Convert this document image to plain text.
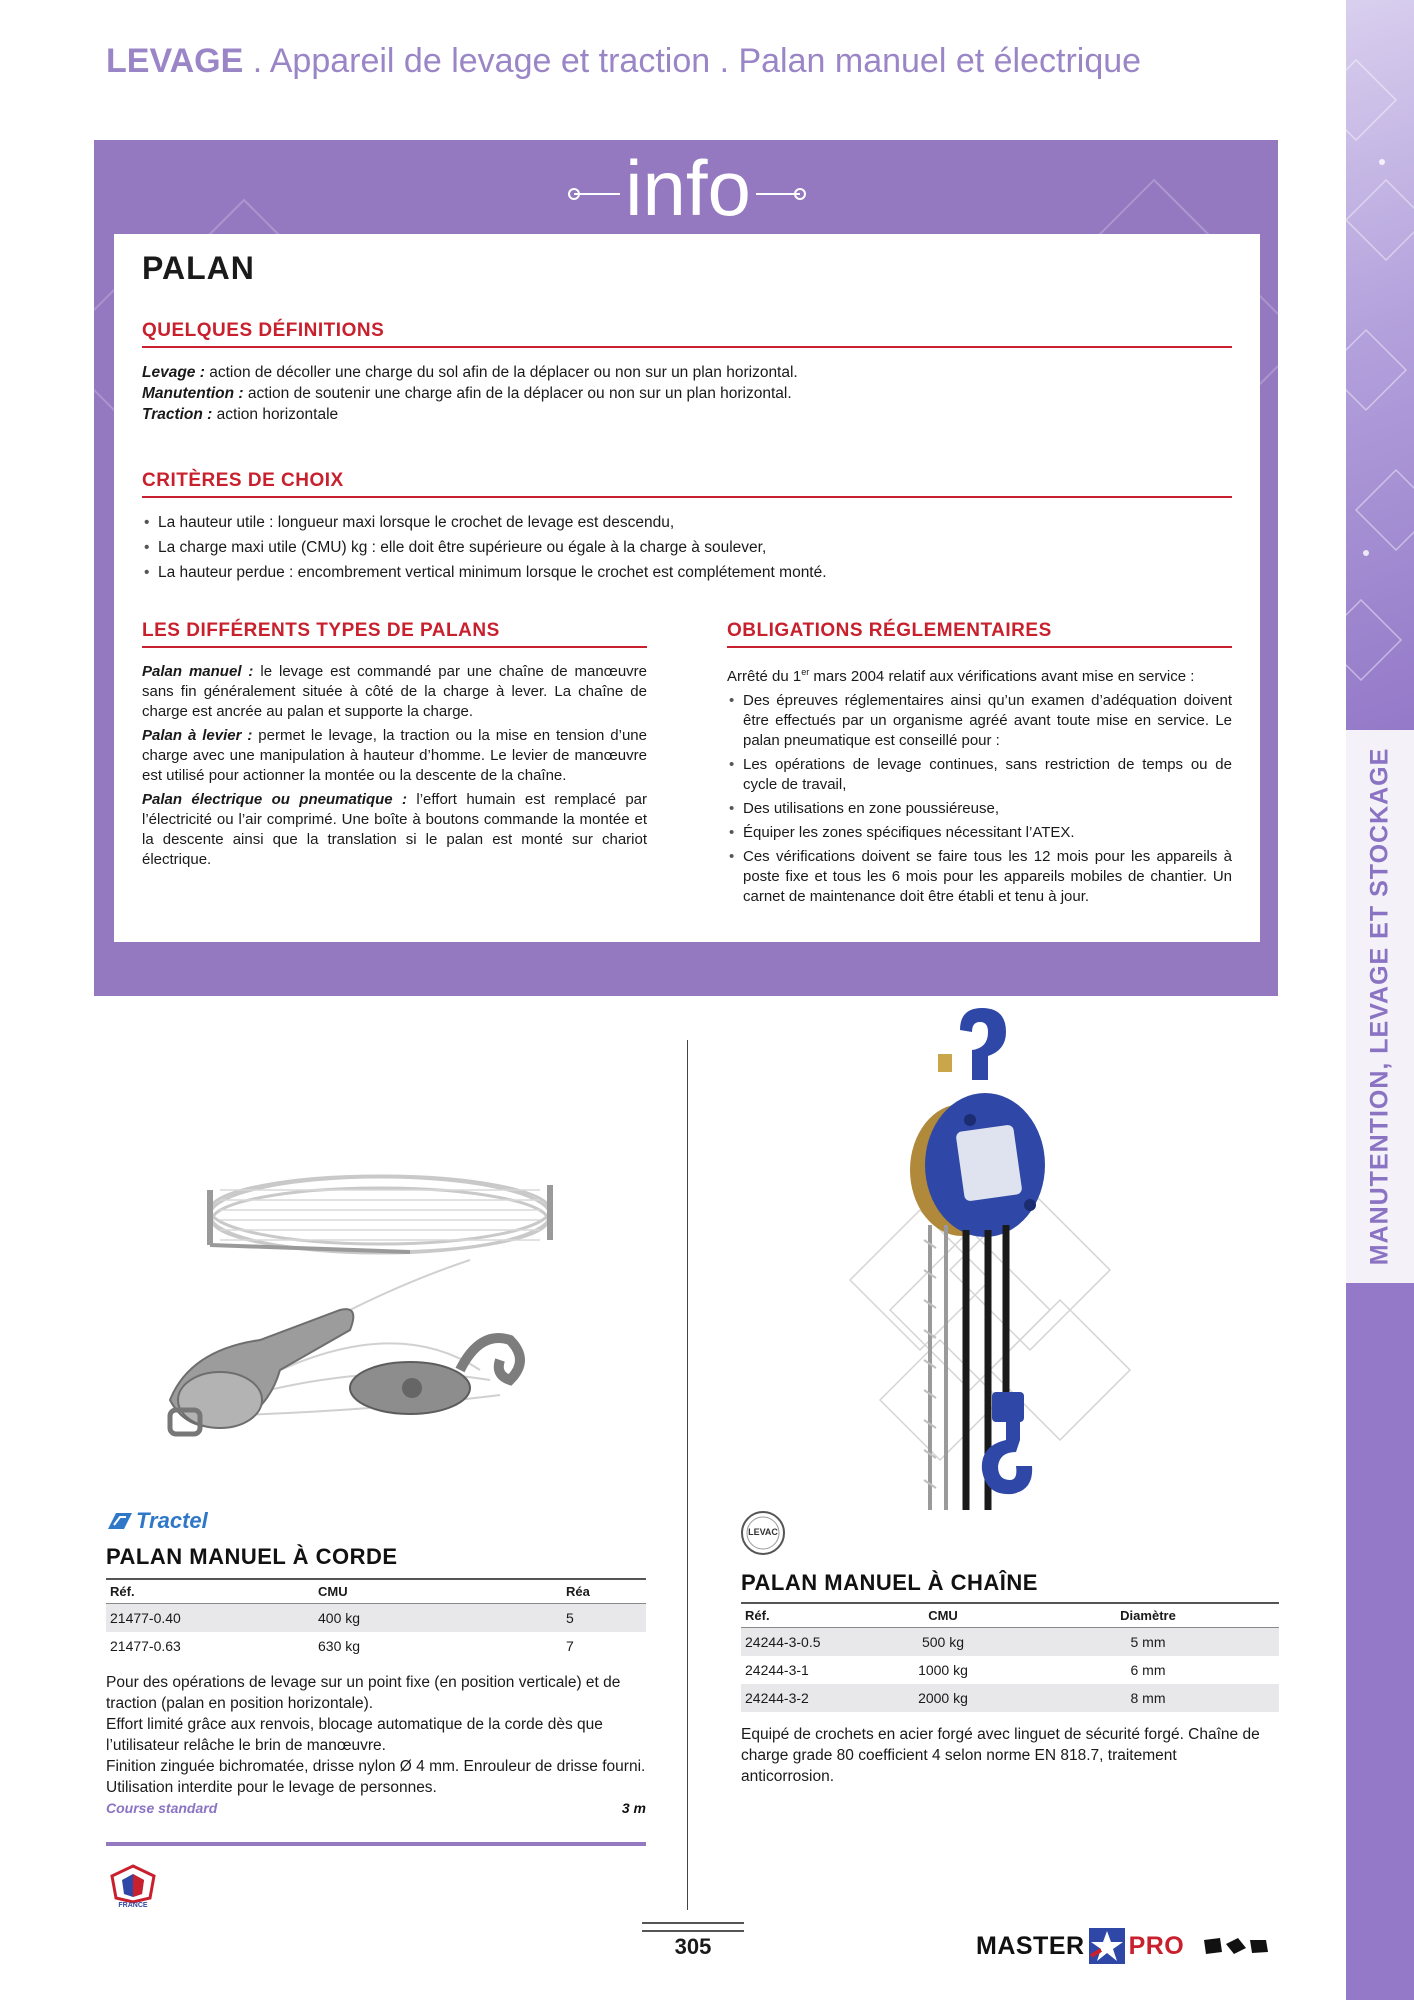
LEVAGE . Appareil de levage et traction . Palan manuel et électrique
MANUTENTION, LEVAGE ET STOCKAGE
info
PALAN
QUELQUES DÉFINITIONS
Levage : action de décoller une charge du sol afin de la déplacer ou non sur un plan horizontal.
Manutention : action de soutenir une charge afin de la déplacer ou non sur un plan horizontal.
Traction : action horizontale
CRITÈRES DE CHOIX
• La hauteur utile : longueur maxi lorsque le crochet de levage est descendu,
• La charge maxi utile (CMU) kg : elle doit être supérieure ou égale à la charge à soulever,
• La hauteur perdue : encombrement vertical minimum lorsque le crochet est complétement monté.
LES DIFFÉRENTS TYPES DE PALANS
Palan manuel : le levage est commandé par une chaîne de manœuvre sans fin généralement située à côté de la charge à lever. La chaîne de charge est ancrée au palan et supporte la charge.
Palan à levier : permet le levage, la traction ou la mise en tension d’une charge avec une manipulation à hauteur d’homme. Le levier de manœuvre est utilisé pour actionner la montée ou la descente de la chaîne.
Palan électrique ou pneumatique : l’effort humain est remplacé par l’électricité ou l’air comprimé. Une boîte à boutons commande la montée et la descente ainsi que la translation si le palan est monté sur chariot électrique.
OBLIGATIONS RÉGLEMENTAIRES
Arrêté du 1er mars 2004 relatif aux vérifications avant mise en service :
• Des épreuves réglementaires ainsi qu’un examen d’adéquation doivent être effectués par un organisme agréé avant toute mise en service. Le palan pneumatique est conseillé pour :
• Les opérations de levage continues, sans restriction de temps ou de cycle de travail,
• Des utilisations en zone poussiéreuse,
• Équiper les zones spécifiques nécessitant l’ATEX.
• Ces vérifications doivent se faire tous les 12 mois pour les appareils à poste fixe et tous les 6 mois pour les appareils mobiles de chantier. Un carnet de maintenance doit être établi et tenu à jour.
Tractel
PALAN MANUEL À CORDE
Réf.	CMU	Réa
21477-0.40	400 kg	5
21477-0.63	630 kg	7
Pour des opérations de levage sur un point fixe (en position verticale) et de traction (palan en position horizontale).
Effort limité grâce aux renvois, blocage automatique de la corde dès que l’utilisateur relâche le brin de manœuvre.
Finition zinguée bichromatée, drisse nylon Ø 4 mm. Enrouleur de drisse fourni.
Utilisation interdite pour le levage de personnes.
Course standard	3 m
FRANCE
LEVAC
PALAN MANUEL À CHAÎNE
Réf.	CMU	Diamètre
24244-3-0.5	500 kg	5 mm
24244-3-1	1000 kg	6 mm
24244-3-2	2000 kg	8 mm
Equipé de crochets en acier forgé avec linguet de sécurité forgé. Chaîne de charge grade 80 coefficient 4 selon norme EN 818.7, traitement anticorrosion.
305	MASTER PRO
